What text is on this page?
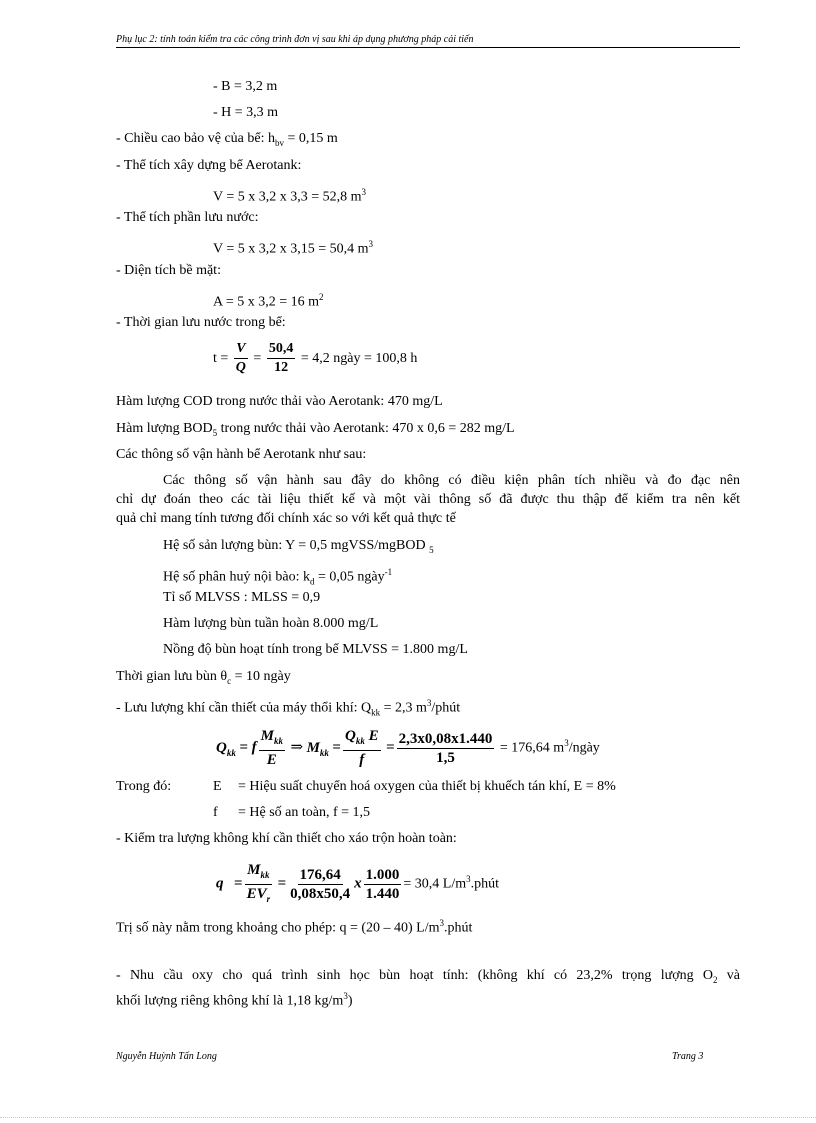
Phụ lục 2: tính toán kiểm tra các công trình đơn vị sau khi áp dụng phương pháp cải tiến
- B = 3,2 m
- H = 3,3 m
- Chiều cao bảo vệ của bể: $h_{bv} = 0,15$ m
- Thể tích xây dựng bể Aerotank:
V = 5 x 3,2 x 3,3 = 52,8 $m^3$
- Thể tích phần lưu nước:
V = 5 x 3,2 x 3,15 = 50,4 $m^3$
- Diện tích bề mặt:
A = 5 x 3,2 = 16 $m^2$
- Thời gian lưu nước trong bể:
$t = \frac{V}{Q} = \frac{50,4}{12} = 4,2$ ngày = 100,8 h
Hàm lượng COD trong nước thải vào Aerotank: 470 mg/L
Hàm lượng $BOD_5$ trong nước thải vào Aerotank: 470 x 0,6 = 282 mg/L
Các thông số vận hành bể Aerotank như sau:
Các thông số vận hành sau đây do không có điều kiện phân tích nhiều và đo đạc nên
chỉ dự đoán theo các tài liệu thiết kế và một vài thông số đã được thu thập để kiểm tra nên kết
quả chỉ mang tính tương đối chính xác so với kết quả thực tế
Hệ số sản lượng bùn: Y = 0,5 mgVSS/mgBOD $_5$
Hệ số phân huỷ nội bào: $k_d = 0,05$ ngày$^{-1}$
Tỉ số MLVSS : MLSS = 0,9
Hàm lượng bùn tuần hoàn 8.000 mg/L
Nồng độ bùn hoạt tính trong bể MLVSS = 1.800 mg/L
Thời gian lưu bùn $\theta_c = 10$ ngày
- Lưu lượng khí cần thiết của máy thổi khí: $Q_{kk} = 2,3$ $m^3$/phút
$Q_{kk} = f \frac{M_{kk}}{E}$ ⇒ $M_{kk} = \frac{Q_{kk} E}{f} = \frac{2,3x0,08x1.440}{1,5} = 176,64$ $m^3$/ngày
Trong đó:	E = Hiệu suất chuyển hoá oxygen của thiết bị khuếch tán khí, E = 8%
f = Hệ số an toàn, f = 1,5
- Kiểm tra lượng không khí cần thiết cho xáo trộn hoàn toàn:
$q = \frac{M_{kk}}{EV_r} = \frac{176,64}{0,08x50,4}$ x $\frac{1.000}{1.440} = 30,4$ $L/m^3.phút$
Trị số này nằm trong khoảng cho phép: q = (20 – 40) $L/m^3.phút$
- Nhu cầu oxy cho quá trình sinh học bùn hoạt tính: (không khí có 23,2% trọng lượng $O_2$ và
khối lượng riêng không khí là 1,18 $kg/m^3$)
Nguyễn Huỳnh Tấn Long	Trang 3
